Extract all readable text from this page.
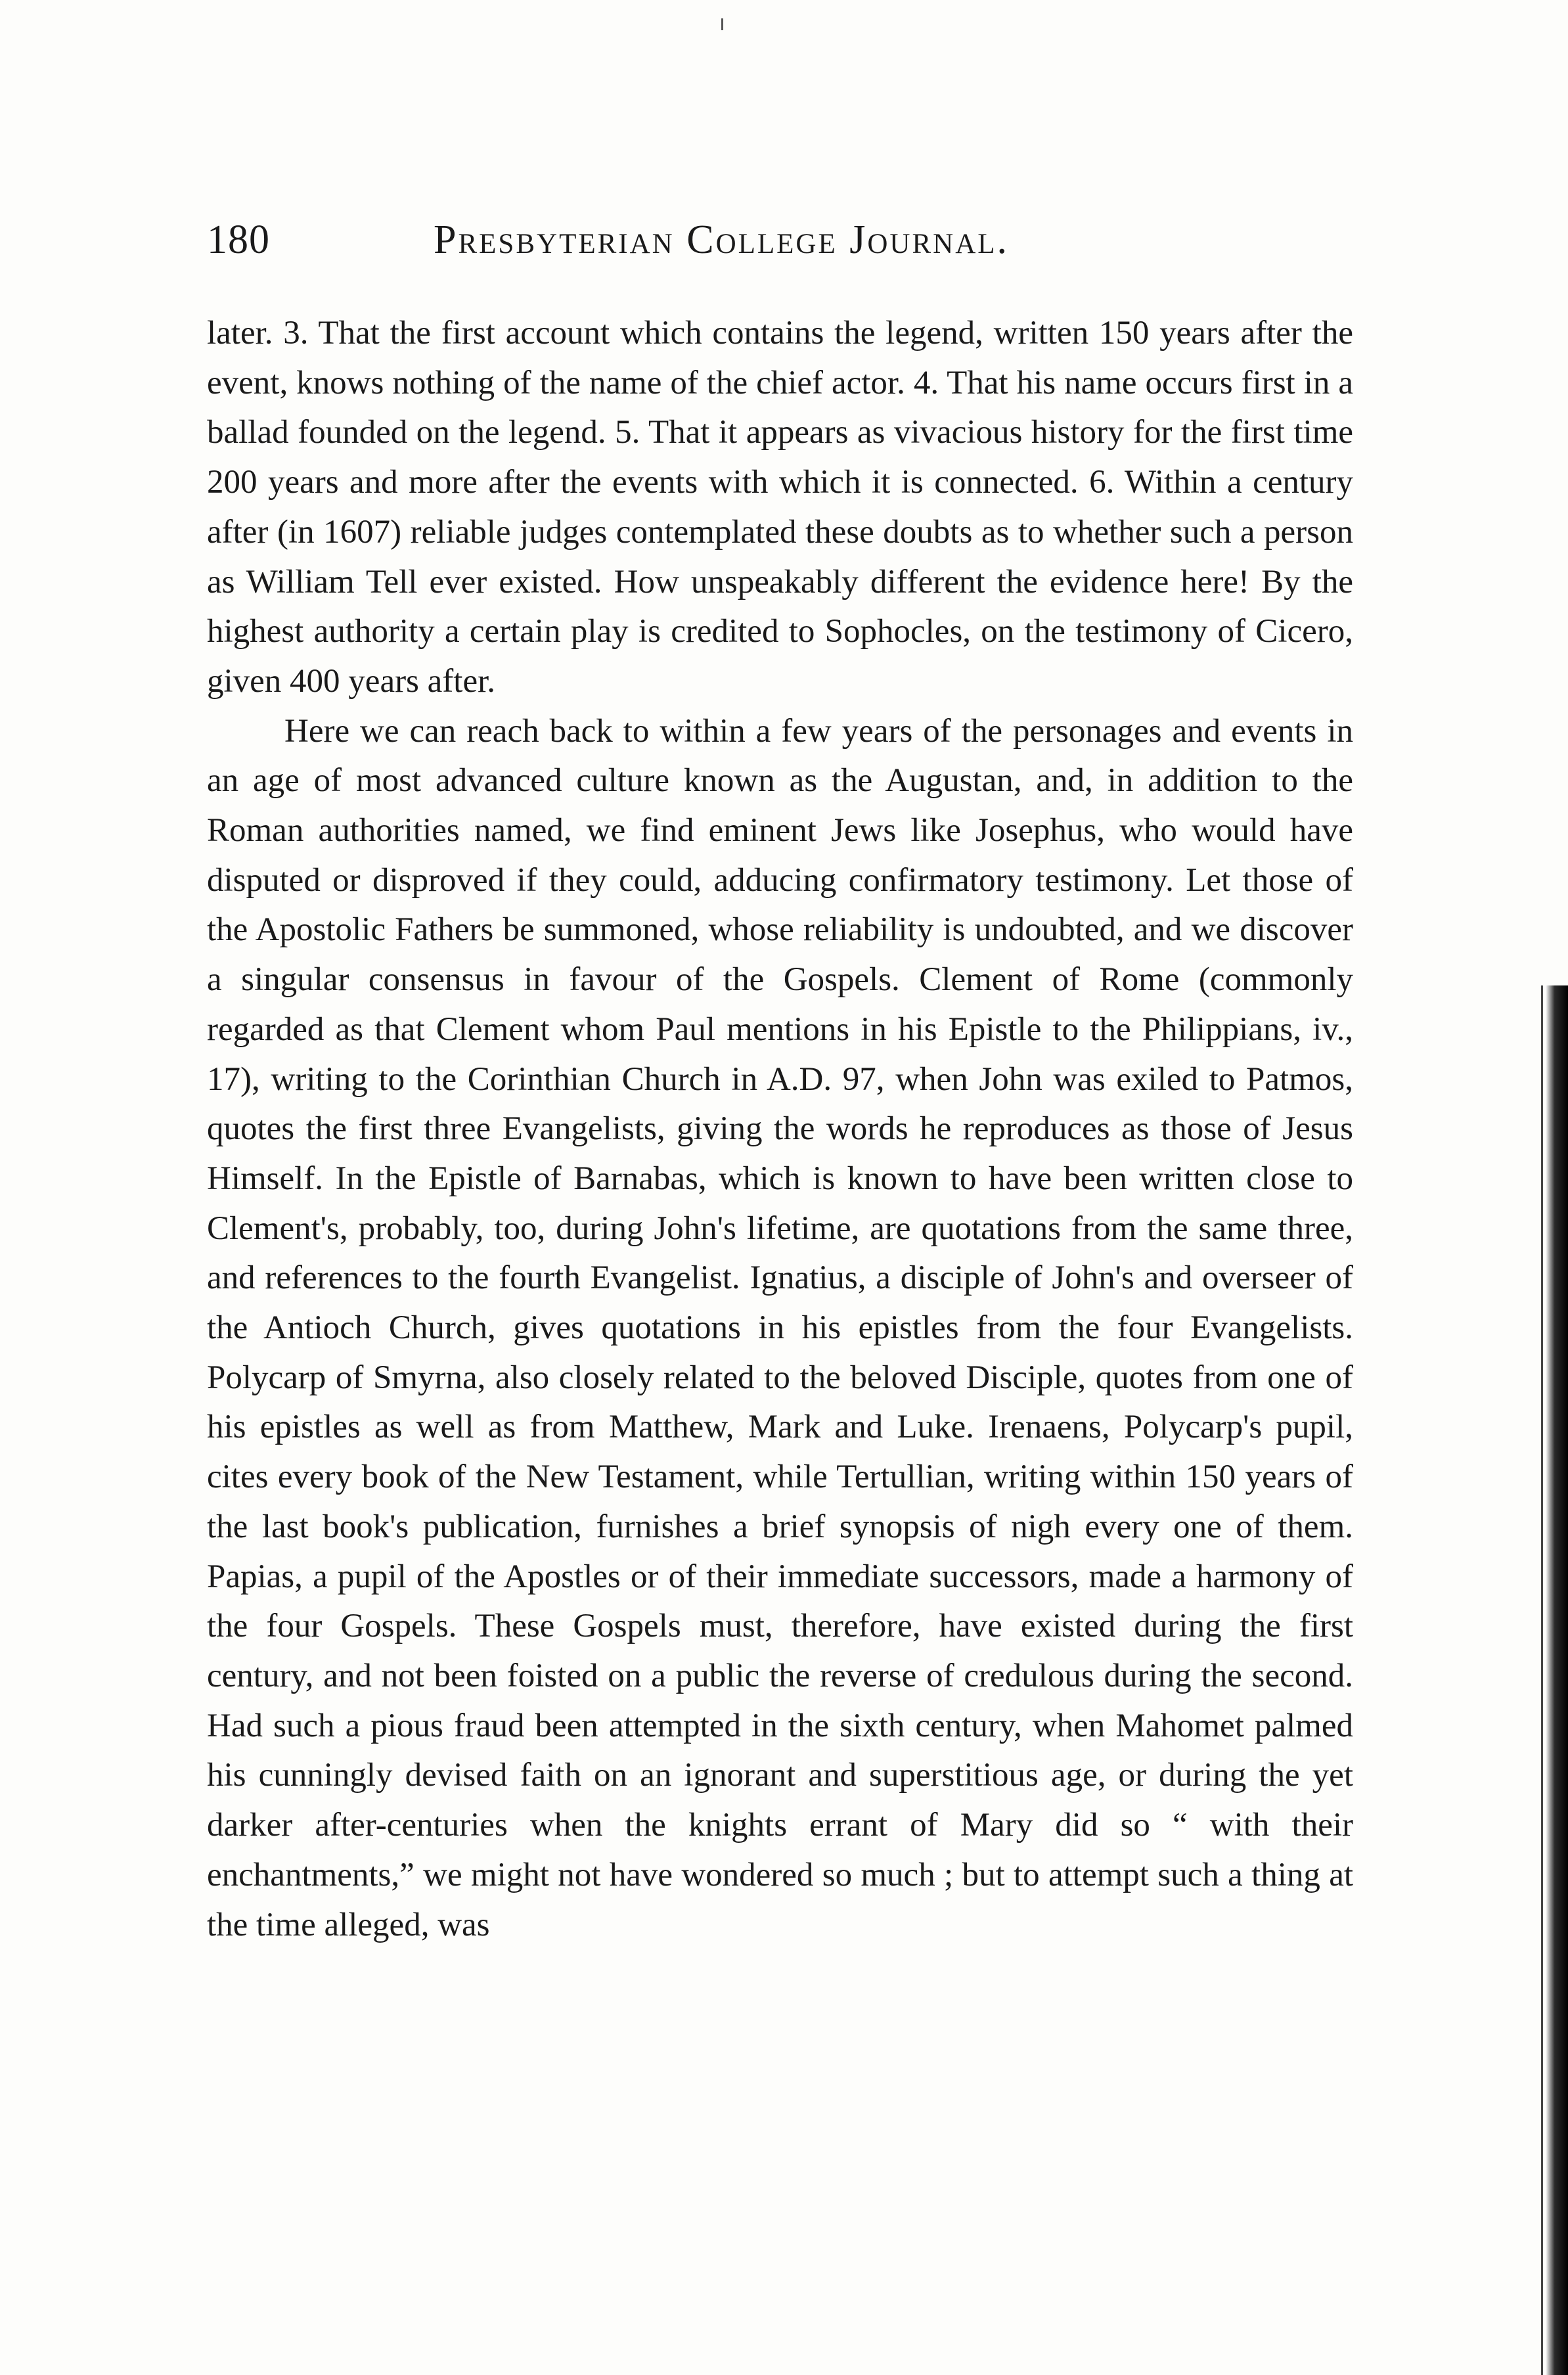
180	Presbyterian College Journal.

later. 3. That the first account which contains the legend, written 150 years after the event, knows nothing of the name of the chief actor. 4. That his name occurs first in a ballad founded on the legend. 5. That it appears as vivacious history for the first time 200 years and more after the events with which it is connected. 6. Within a century after (in 1607) reliable judges contemplated these doubts as to whether such a person as William Tell ever existed. How unspeakably different the evidence here! By the highest authority a certain play is credited to Sophocles, on the testimony of Cicero, given 400 years after.

Here we can reach back to within a few years of the personages and events in an age of most advanced culture known as the Augustan, and, in addition to the Roman authorities named, we find eminent Jews like Josephus, who would have disputed or disproved if they could, adducing confirmatory testimony. Let those of the Apostolic Fathers be summoned, whose reliability is undoubted, and we discover a singular consensus in favour of the Gospels. Clement of Rome (commonly regarded as that Clement whom Paul mentions in his Epistle to the Philippians, iv., 17), writing to the Corinthian Church in A.D. 97, when John was exiled to Patmos, quotes the first three Evangelists, giving the words he reproduces as those of Jesus Himself. In the Epistle of Barnabas, which is known to have been written close to Clement's, probably, too, during John's lifetime, are quotations from the same three, and references to the fourth Evangelist. Ignatius, a disciple of John's and overseer of the Antioch Church, gives quotations in his epistles from the four Evangelists. Polycarp of Smyrna, also closely related to the beloved Disciple, quotes from one of his epistles as well as from Matthew, Mark and Luke. Irenaens, Polycarp's pupil, cites every book of the New Testament, while Tertullian, writing within 150 years of the last book's publication, furnishes a brief synopsis of nigh every one of them. Papias, a pupil of the Apostles or of their immediate successors, made a harmony of the four Gospels. These Gospels must, therefore, have existed during the first century, and not been foisted on a public the reverse of credulous during the second. Had such a pious fraud been attempted in the sixth century, when Mahomet palmed his cunningly devised faith on an ignorant and superstitious age, or during the yet darker after-centuries when the knights errant of Mary did so “ with their enchantments,” we might not have wondered so much ; but to attempt such a thing at the time alleged, was
